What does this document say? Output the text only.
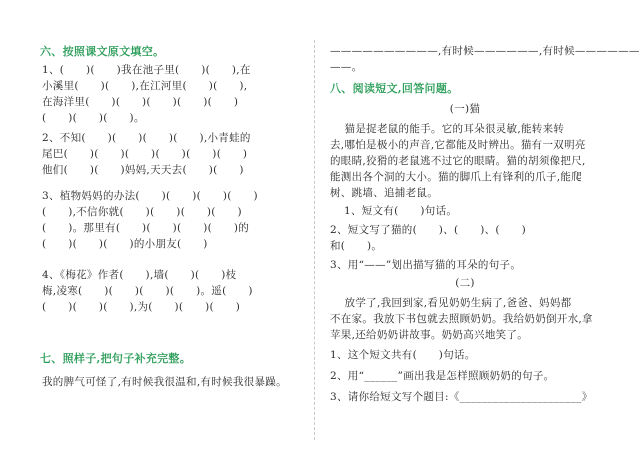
六、按照课文原文填空。
1、(      )(      )我在池子里(      )(      ),在
小溪里(      )(      ),在江河里(      )(      ),
在海洋里(      )(      )(      )(      )(      )
(      )(      )(      )。
2、不知(      )(      )(      )(      ),小青蛙的
尾巴(      )(      )(      )(      )(      )(      )
他们(      )(      )妈妈,天天去(      )(      )
3、植物妈妈的办法(      )(      )(      )(      )
(      ),不信你就(      )(      )(      )(      )
(      )。那里有(      )(      )(      )(      )的
(      )(      )(      )的小朋友(      )
4、《梅花》作者(      ),墙(      )(      )枝
梅,凌寒(      )(      )(      )(      )。遥(      )
(      )(      )(      ),为(      )(      )(      )
七、照样子,把句子补充完整。
我的脾气可怪了,有时候我很温和,有时候我很暴躁。
——————————,有时候——————,有时候——————
——。
八、阅读短文,回答问题。
(一)猫
猫是捉老鼠的能手。它的耳朵很灵敏,能转来转
去,哪怕是极小的声音,它都能及时辨出。猫有一双明亮
的眼睛,狡猾的老鼠逃不过它的眼睛。猫的胡须像把尺,
能测出各个洞的大小。猫的脚爪上有锋利的爪子,能爬
树、跳墙、追捕老鼠。
1、短文有(      )句话。
2、短文写了猫的(      )、(      )、(      )
和(      )。
3、用“——”划出描写猫的耳朵的句子。
(二)
放学了,我回到家,看见奶奶生病了,爸爸、妈妈都
不在家。我放下书包就去照顾奶奶。我给奶奶倒开水,拿
苹果,还给奶奶讲故事。奶奶高兴地笑了。
1、这个短文共有(      )句话。
2、用“______”画出我是怎样照顾奶奶的句子。
3、请你给短文写个题目:《______________________》
